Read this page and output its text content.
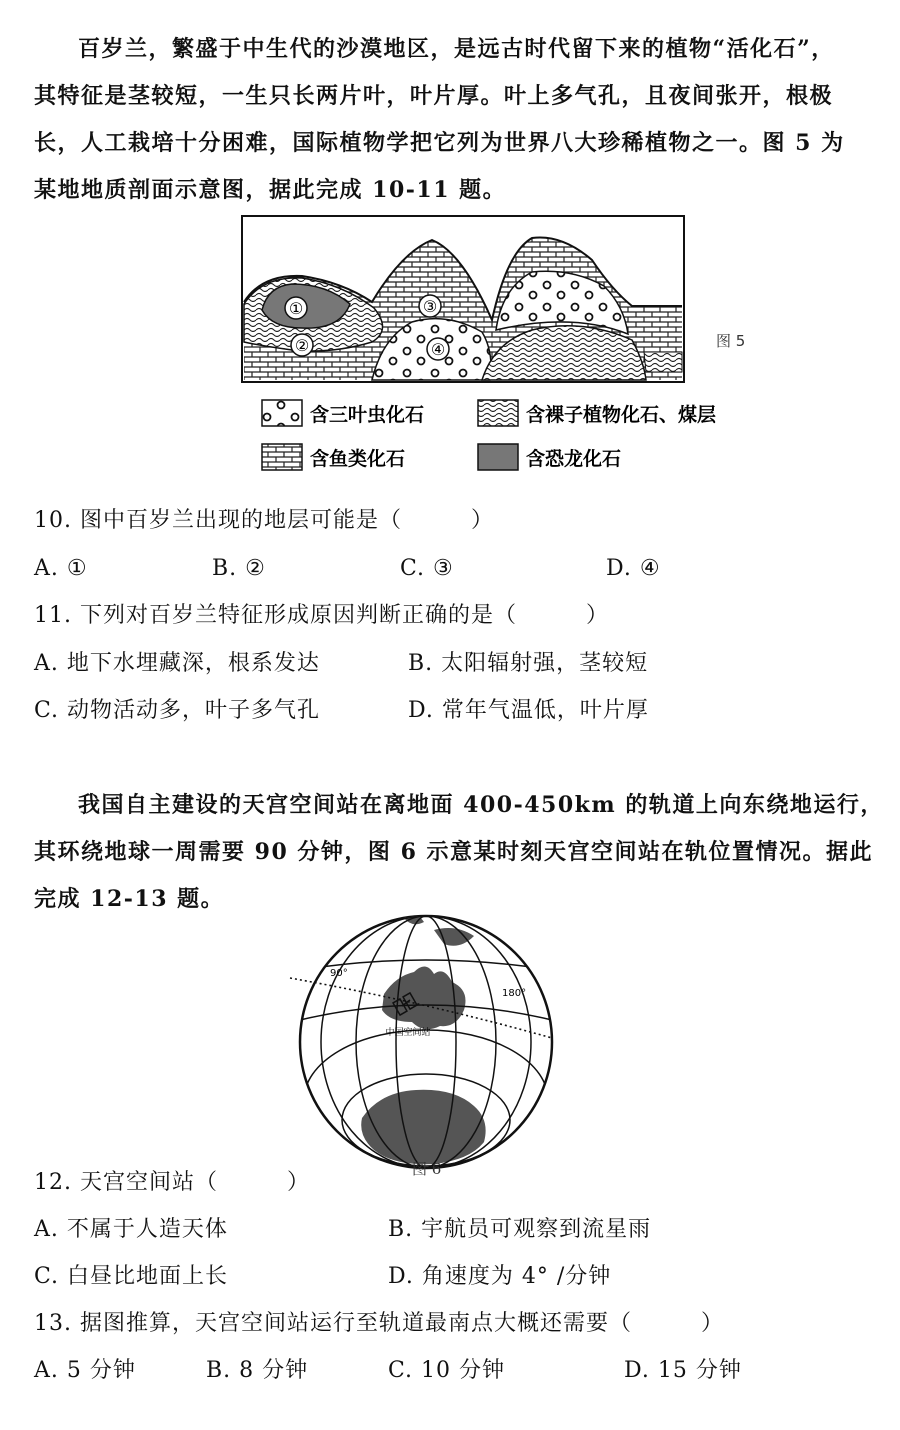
百岁兰，繁盛于中生代的沙漠地区，是远古时代留下来的植物“活化石”，
其特征是茎较短，一生只长两片叶，叶片厚。叶上多气孔，且夜间张开，根极
长，人工栽培十分困难，国际植物学把它列为世界八大珍稀植物之一。图 5 为
某地地质剖面示意图，据此完成 10-11 题。
①
②
③
④	图 5
含三叶虫化石	含裸子植物化石、煤层
含鱼类化石	含恐龙化石
10. 图中百岁兰出现的地层可能是（　　　）
A. ①	B. ②	C. ③	D. ④
11. 下列对百岁兰特征形成原因判断正确的是（　　　）
A. 地下水埋藏深，根系发达	B. 太阳辐射强，茎较短
C. 动物活动多，叶子多气孔	D. 常年气温低，叶片厚
我国自主建设的天宫空间站在离地面 400-450km 的轨道上向东绕地运行，
其环绕地球一周需要 90 分钟，图 6 示意某时刻天宫空间站在轨位置情况。据此
完成 12-13 题。
中国空间站
90°
180°
图 6
12. 天宫空间站（　　　）
A. 不属于人造天体	B. 宇航员可观察到流星雨
C. 白昼比地面上长	D. 角速度为 4° /分钟
13. 据图推算，天宫空间站运行至轨道最南点大概还需要（　　　）
A. 5 分钟	B. 8 分钟	C. 10 分钟	D. 15 分钟
